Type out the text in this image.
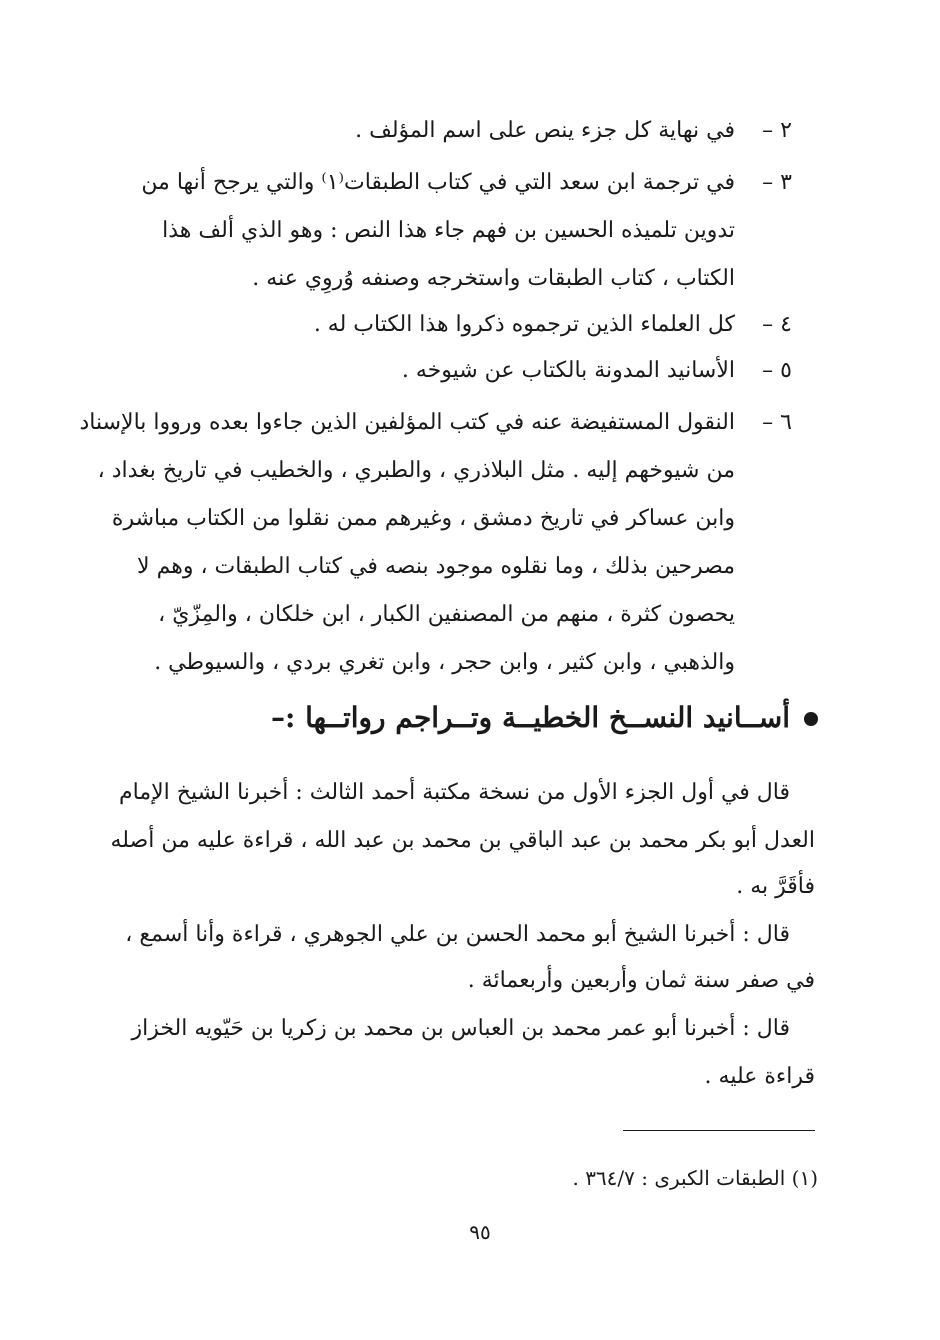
٢ –
في نهاية كل جزء ينص على اسم المؤلف .
٣ –
في ترجمة ابن سعد التي في كتاب الطبقات⁽١⁾ والتي يرجح أنها من
تدوين تلميذه الحسين بن فهم جاء هذا النص : وهو الذي ألف هذا
الكتاب ، كتاب الطبقات واستخرجه وصنفه وُروِي عنه .
٤ –
كل العلماء الذين ترجموه ذكروا هذا الكتاب له .
٥ –
الأسانيد المدونة بالكتاب عن شيوخه .
٦ –
النقول المستفيضة عنه في كتب المؤلفين الذين جاءوا بعده ورووا بالإسناد
من شيوخهم إليه . مثل البلاذري ، والطبري ، والخطيب في تاريخ بغداد ،
وابن عساكر في تاريخ دمشق ، وغيرهم ممن نقلوا من الكتاب مباشرة
مصرحين بذلك ، وما نقلوه موجود بنصه في كتاب الطبقات ، وهم لا
يحصون كثرة ، منهم من المصنفين الكبار ، ابن خلكان ، والمِزّيّ ،
والذهبي ، وابن كثير ، وابن حجر ، وابن تغري بردي ، والسيوطي .
أســانيد النســخ الخطيــة وتــراجم رواتــها :–
قال في أول الجزء الأول من نسخة مكتبة أحمد الثالث : أخبرنا الشيخ الإمام
العدل أبو بكر محمد بن عبد الباقي بن محمد بن عبد الله ، قراءة عليه من أصله
فأقَرَّ به .
قال : أخبرنا الشيخ أبو محمد الحسن بن علي الجوهري ، قراءة وأنا أسمع ،
في صفر سنة ثمان وأربعين وأربعمائة .
قال : أخبرنا أبو عمر محمد بن العباس بن محمد بن زكريا بن حَيّويه الخزاز
قراءة عليه .
(١) الطبقات الكبرى : ٣٦٤/٧ .
٩٥
